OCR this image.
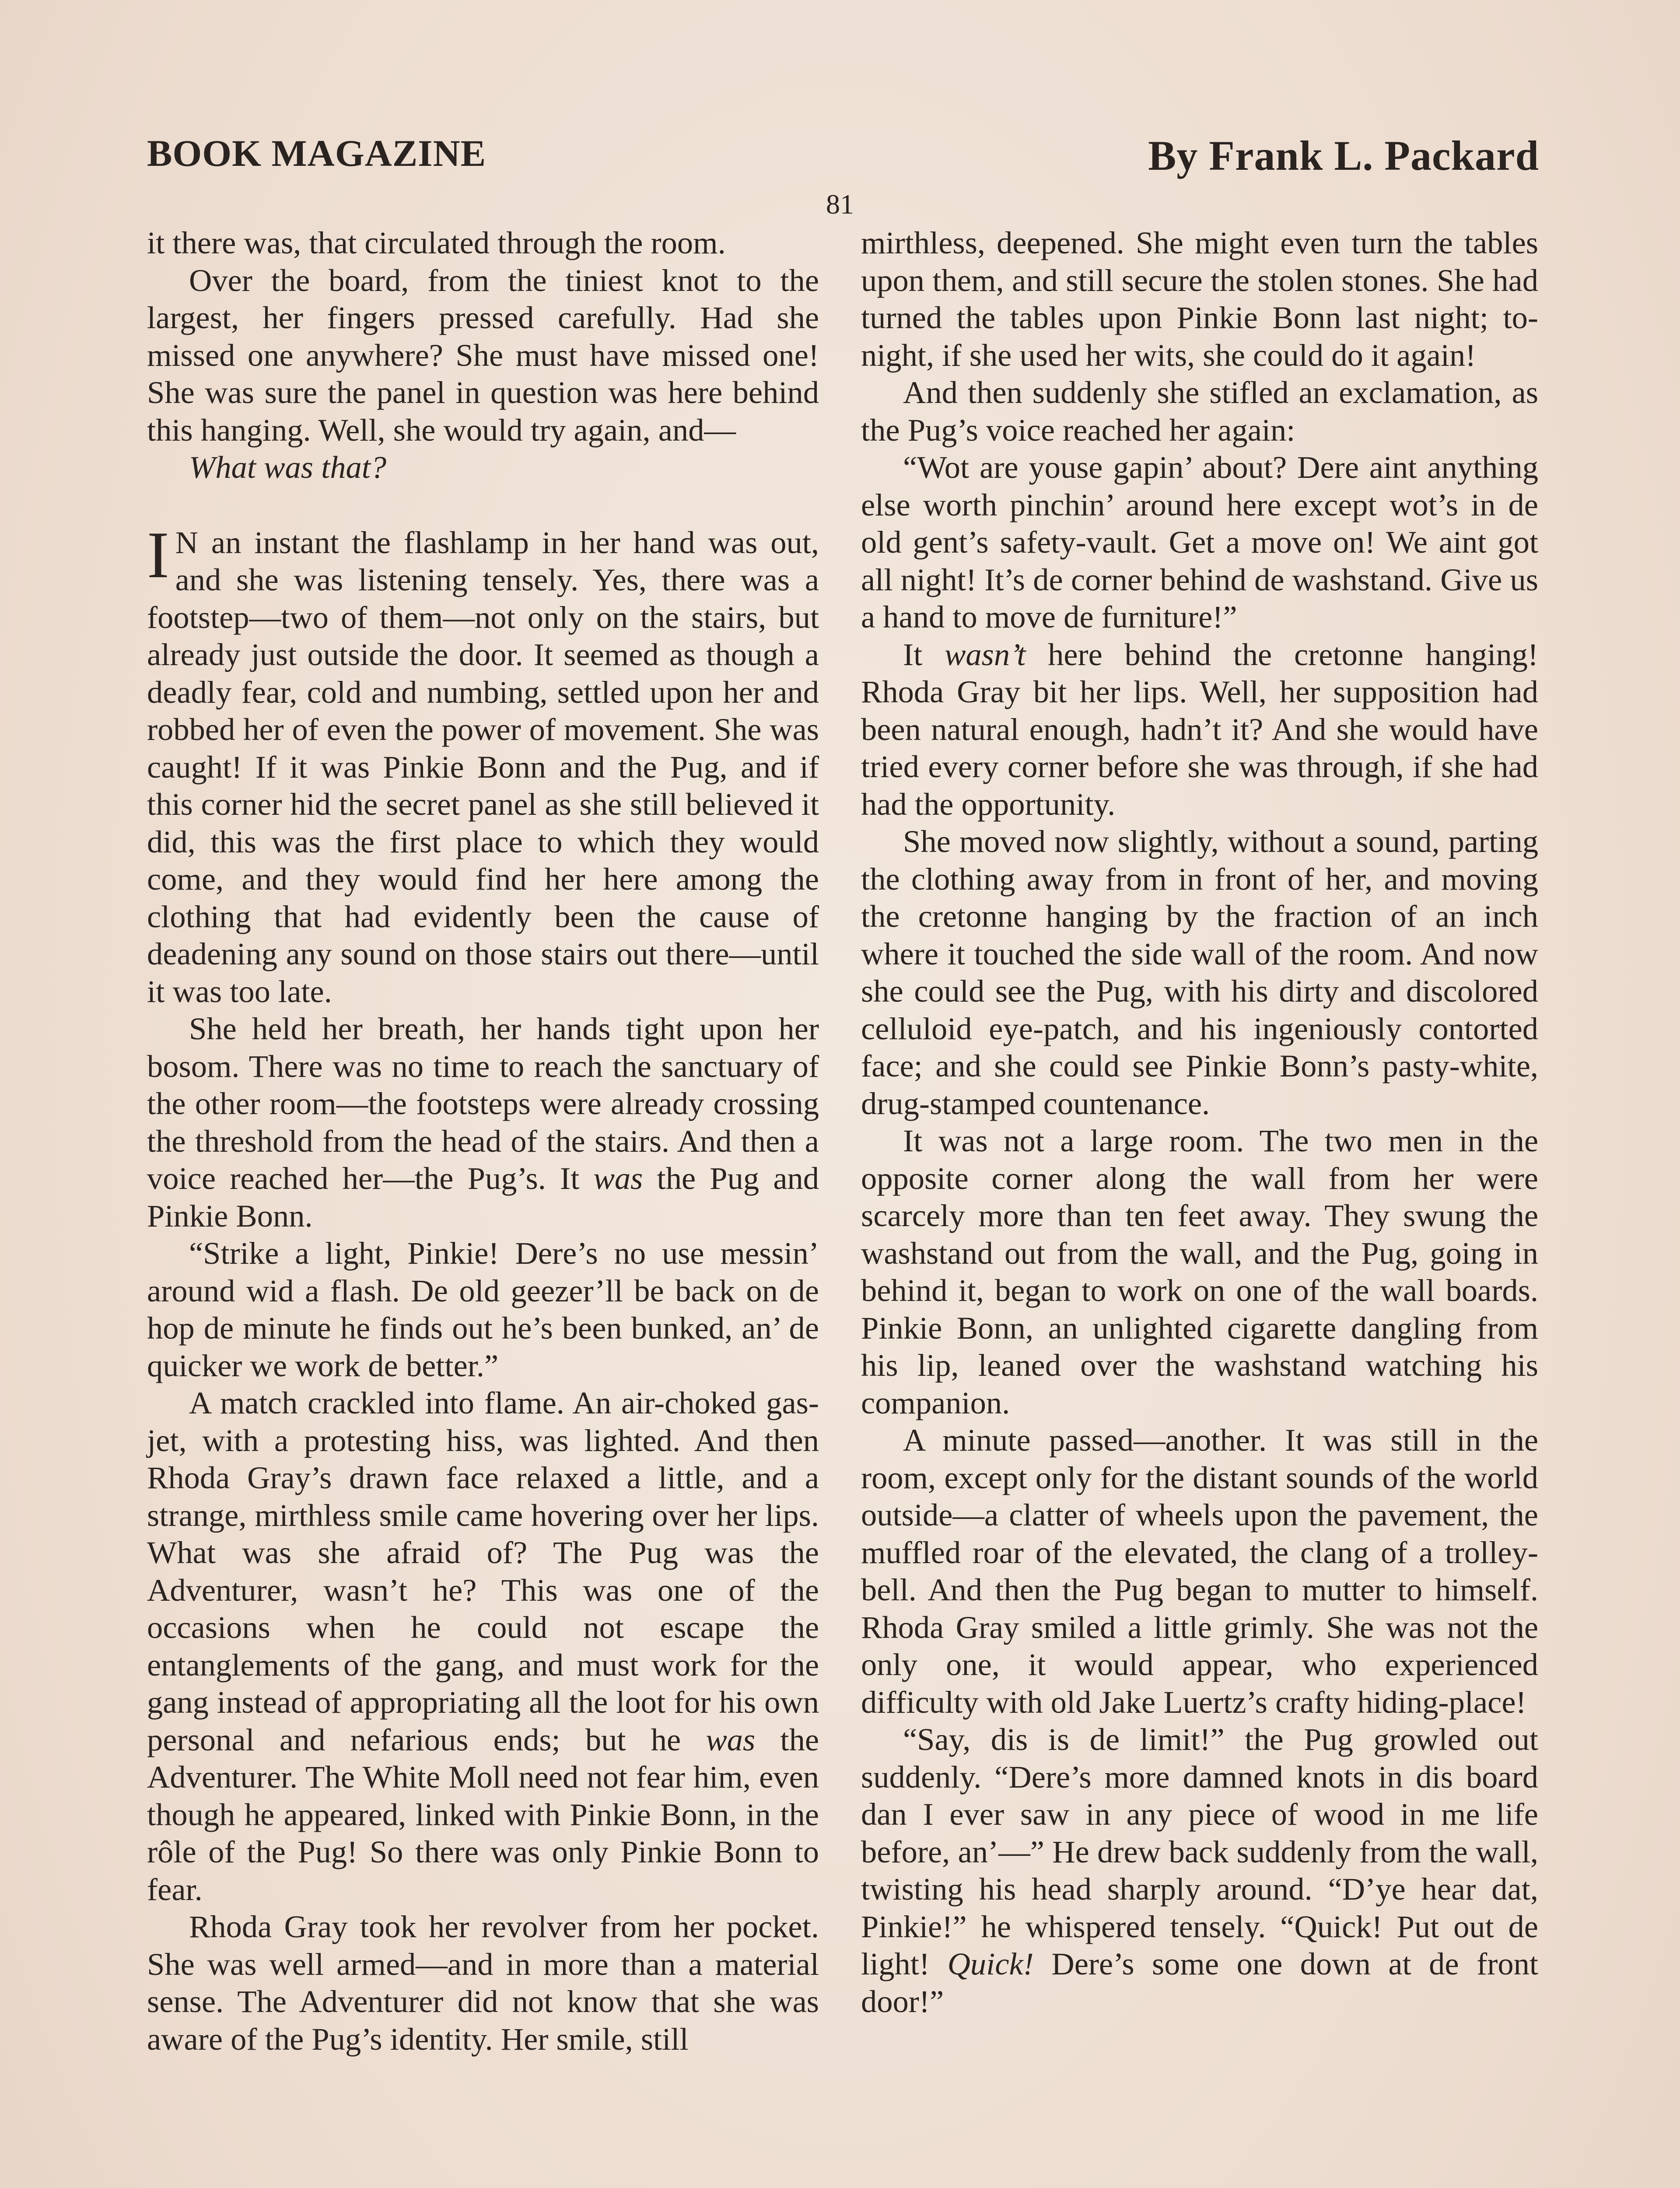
BOOK MAGAZINE	By Frank L. Packard
81

it there was, that circulated through the room.

Over the board, from the tiniest knot to the largest, her fingers pressed carefully. Had she missed one anywhere? She must have missed one! She was sure the panel in question was here behind this hanging. Well, she would try again, and—

What was that?

I N an instant the flashlamp in her hand was out, and she was listening tensely. Yes, there was a footstep—two of them—not only on the stairs, but already just outside the door. It seemed as though a deadly fear, cold and numbing, settled upon her and robbed her of even the power of movement. She was caught! If it was Pinkie Bonn and the Pug, and if this corner hid the secret panel as she still believed it did, this was the first place to which they would come, and they would find her here among the clothing that had evidently been the cause of deadening any sound on those stairs out there—until it was too late.

She held her breath, her hands tight upon her bosom. There was no time to reach the sanctuary of the other room—the footsteps were already crossing the threshold from the head of the stairs. And then a voice reached her—the Pug’s. It was the Pug and Pinkie Bonn.

“Strike a light, Pinkie! Dere’s no use messin’ around wid a flash. De old geezer’ll be back on de hop de minute he finds out he’s been bunked, an’ de quicker we work de better.”

A match crackled into flame. An air-choked gas-jet, with a protesting hiss, was lighted. And then Rhoda Gray’s drawn face relaxed a little, and a strange, mirthless smile came hovering over her lips. What was she afraid of? The Pug was the Adventurer, wasn’t he? This was one of the occasions when he could not escape the entanglements of the gang, and must work for the gang instead of appropriating all the loot for his own personal and nefarious ends; but he was the Adventurer. The White Moll need not fear him, even though he appeared, linked with Pinkie Bonn, in the rôle of the Pug! So there was only Pinkie Bonn to fear.

Rhoda Gray took her revolver from her pocket. She was well armed—and in more than a material sense. The Adventurer did not know that she was aware of the Pug’s identity. Her smile, still

mirthless, deepened. She might even turn the tables upon them, and still secure the stolen stones. She had turned the tables upon Pinkie Bonn last night; to-night, if she used her wits, she could do it again!

And then suddenly she stifled an exclamation, as the Pug’s voice reached her again:

“Wot are youse gapin’ about? Dere aint anything else worth pinchin’ around here except wot’s in de old gent’s safety-vault. Get a move on! We aint got all night! It’s de corner behind de washstand. Give us a hand to move de furniture!”

It wasn’t here behind the cretonne hanging! Rhoda Gray bit her lips. Well, her supposition had been natural enough, hadn’t it? And she would have tried every corner before she was through, if she had had the opportunity.

She moved now slightly, without a sound, parting the clothing away from in front of her, and moving the cretonne hanging by the fraction of an inch where it touched the side wall of the room. And now she could see the Pug, with his dirty and discolored celluloid eye-patch, and his ingeniously contorted face; and she could see Pinkie Bonn’s pasty-white, drug-stamped countenance.

It was not a large room. The two men in the opposite corner along the wall from her were scarcely more than ten feet away. They swung the washstand out from the wall, and the Pug, going in behind it, began to work on one of the wall boards. Pinkie Bonn, an unlighted cigarette dangling from his lip, leaned over the washstand watching his companion.

A minute passed—another. It was still in the room, except only for the distant sounds of the world outside—a clatter of wheels upon the pavement, the muffled roar of the elevated, the clang of a trolley-bell. And then the Pug began to mutter to himself. Rhoda Gray smiled a little grimly. She was not the only one, it would appear, who experienced difficulty with old Jake Luertz’s crafty hiding-place!

“Say, dis is de limit!” the Pug growled out suddenly. “Dere’s more damned knots in dis board dan I ever saw in any piece of wood in me life before, an’—” He drew back suddenly from the wall, twisting his head sharply around. “D’ye hear dat, Pinkie!” he whispered tensely. “Quick! Put out de light! Quick! Dere’s some one down at de front door!”
